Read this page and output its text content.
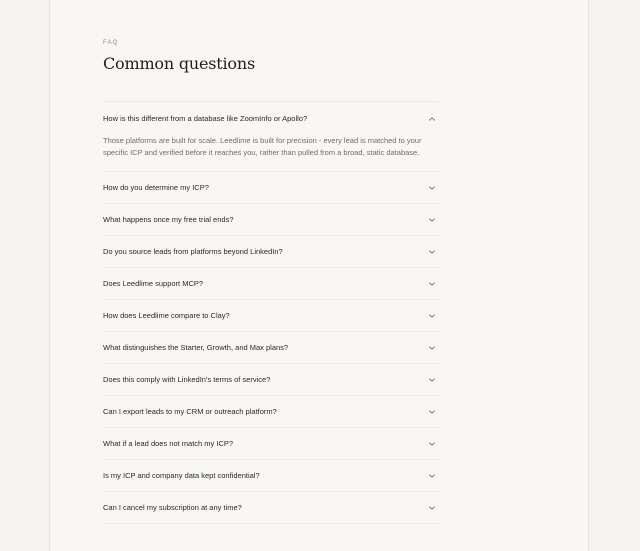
FAQ
Common questions
How is this different from a database like ZoomInfo or Apollo?
Those platforms are built for scale. Leedlime is built for precision - every lead is matched to your specific ICP and verified before it reaches you, rather than pulled from a broad, static database.
How do you determine my ICP?
What happens once my free trial ends?
Do you source leads from platforms beyond LinkedIn?
Does Leedlime support MCP?
How does Leedlime compare to Clay?
What distinguishes the Starter, Growth, and Max plans?
Does this comply with LinkedIn's terms of service?
Can I export leads to my CRM or outreach platform?
What if a lead does not match my ICP?
Is my ICP and company data kept confidential?
Can I cancel my subscription at any time?
